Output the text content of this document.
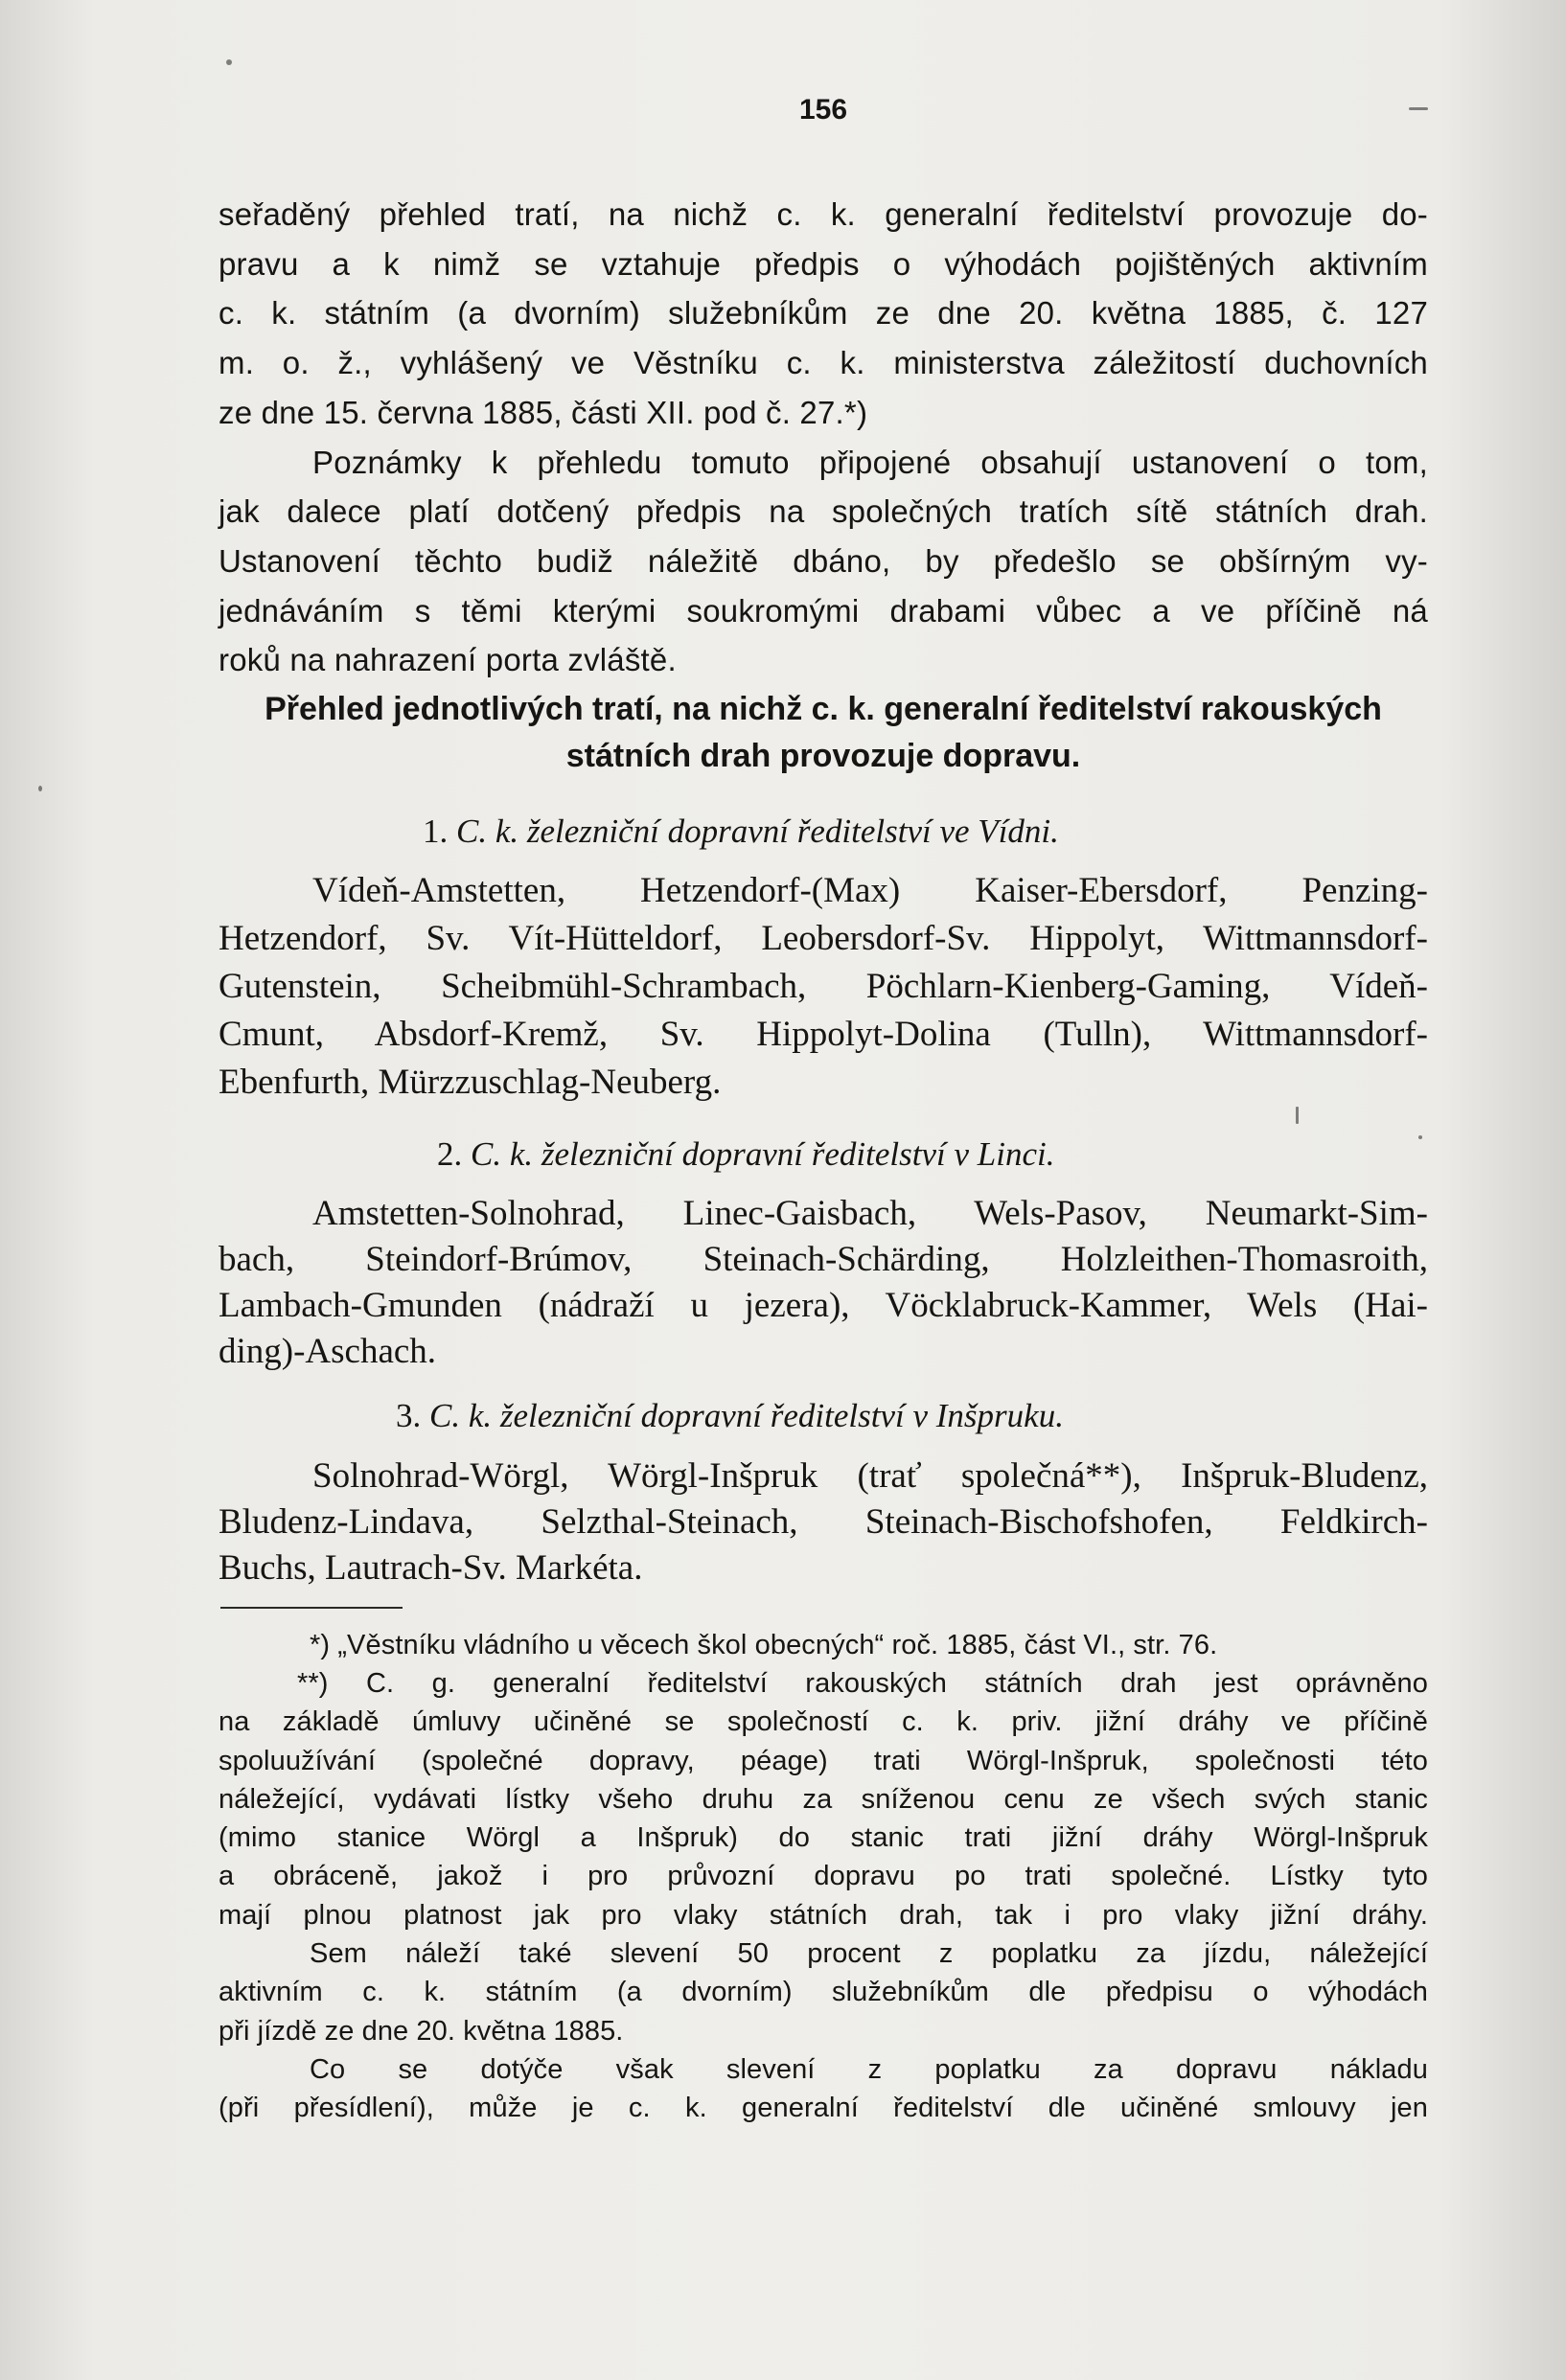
156
seřaděný přehled tratí, na nichž c. k. generalní ředitelství provozuje do-
pravu a k nimž se vztahuje předpis o výhodách pojištěných aktivním
c. k. státním (a dvorním) služebníkům ze dne 20. května 1885, č. 127
m. o. ž., vyhlášený ve Věstníku c. k. ministerstva záležitostí duchovních
ze dne 15. června 1885, části XII. pod č. 27.*)
Poznámky k přehledu tomuto připojené obsahují ustanovení o tom,
jak dalece platí dotčený předpis na společných tratích sítě státních drah.
Ustanovení těchto budiž náležitě dbáno, by předešlo se obšírným vy-
jednáváním s těmi kterými soukromými drabami vůbec a ve příčině ná
roků na nahrazení porta zvláště.
Přehled jednotlivých tratí, na nichž c. k. generalní ředitelství rakouských
státních drah provozuje dopravu.
1. C. k. železniční dopravní ředitelství ve Vídni.
Vídeň-Amstetten, Hetzendorf-(Max) Kaiser-Ebersdorf, Penzing-
Hetzendorf, Sv. Vít-Hütteldorf, Leobersdorf-Sv. Hippolyt, Wittmannsdorf-
Gutenstein, Scheibmühl-Schrambach, Pöchlarn-Kienberg-Gaming, Vídeň-
Cmunt, Absdorf-Kremž, Sv. Hippolyt-Dolina (Tulln), Wittmannsdorf-
Ebenfurth, Mürzzuschlag-Neuberg.
2. C. k. železniční dopravní ředitelství v Linci.
Amstetten-Solnohrad, Linec-Gaisbach, Wels-Pasov, Neumarkt-Sim-
bach, Steindorf-Brúmov, Steinach-Schärding, Holzleithen-Thomasroith,
Lambach-Gmunden (nádraží u jezera), Vöcklabruck-Kammer, Wels (Hai-
ding)-Aschach.
3. C. k. železniční dopravní ředitelství v Inšpruku.
Solnohrad-Wörgl, Wörgl-Inšpruk (trať společná**), Inšpruk-Bludenz,
Bludenz-Lindava, Selzthal-Steinach, Steinach-Bischofshofen, Feldkirch-
Buchs, Lautrach-Sv. Markéta.
*) „Věstníku vládního u věcech škol obecných“ roč. 1885, část VI., str. 76.
**) C. g. generalní ředitelství rakouských státních drah jest oprávněno
na základě úmluvy učiněné se společností c. k. priv. jižní dráhy ve příčině
spoluužívání (společné dopravy, péage) trati Wörgl-Inšpruk, společnosti této
náležející, vydávati lístky všeho druhu za sníženou cenu ze všech svých stanic
(mimo stanice Wörgl a Inšpruk) do stanic trati jižní dráhy Wörgl-Inšpruk
a obráceně, jakož i pro průvozní dopravu po trati společné. Lístky tyto
mají plnou platnost jak pro vlaky státních drah, tak i pro vlaky jižní dráhy.
Sem náleží také slevení 50 procent z poplatku za jízdu, náležející
aktivním c. k. státním (a dvorním) služebníkům dle předpisu o výhodách
při jízdě ze dne 20. května 1885.
Co se dotýče však slevení z poplatku za dopravu nákladu
(při přesídlení), může je c. k. generalní ředitelství dle učiněné smlouvy jen
